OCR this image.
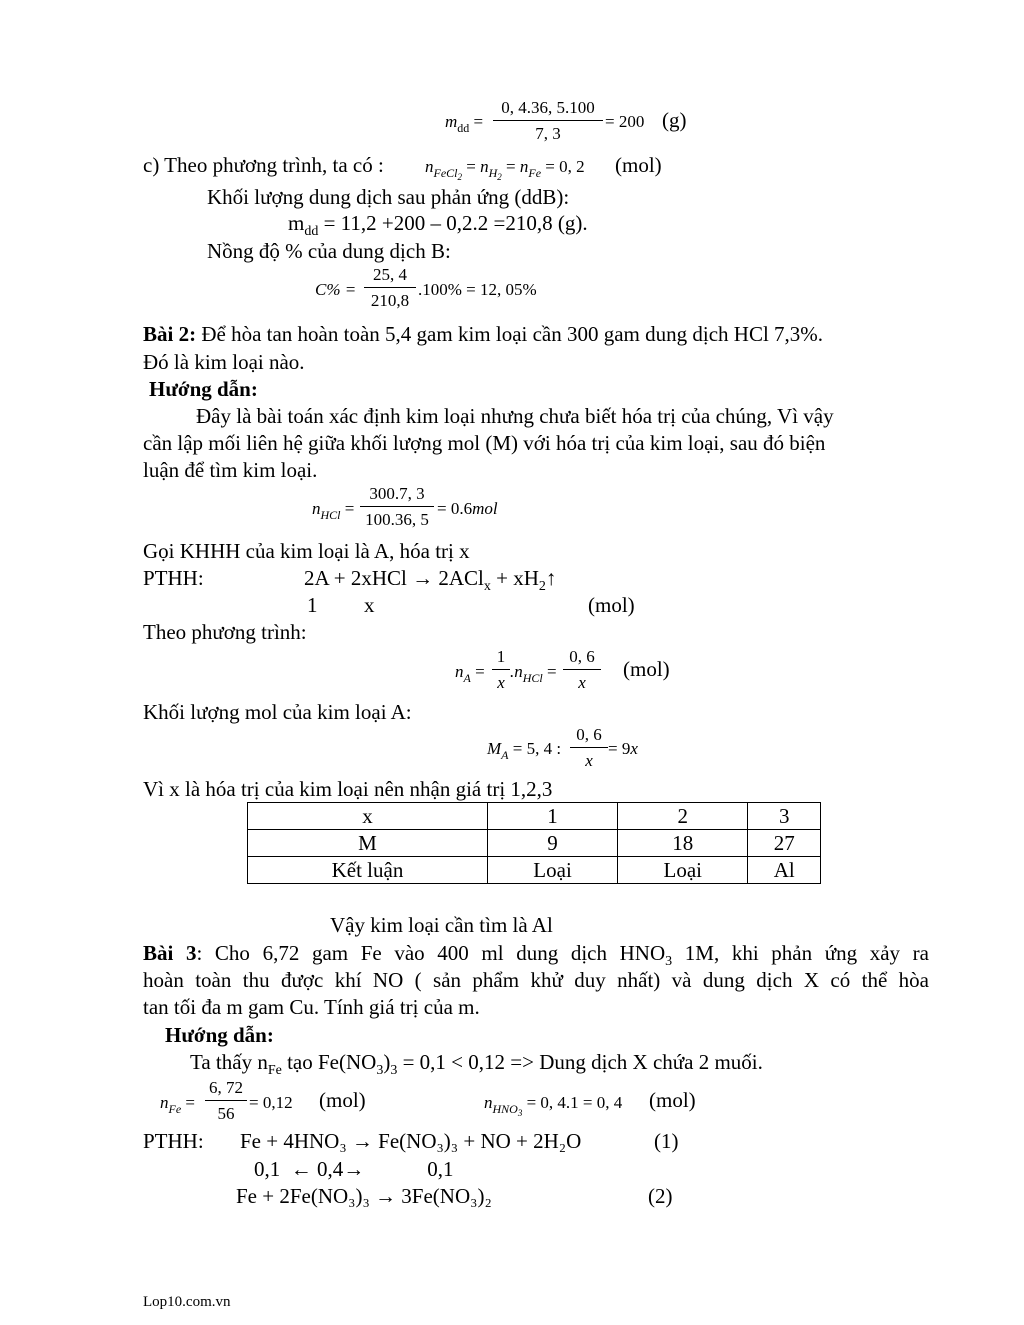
$m_{dd} = \frac{0, 4.36, 5.100}{7, 3} = 200$ (g)
c) Theo phương trình, ta có : $n_{FeCl_2} = n_{H_2} = n_{Fe} = 0$, 2 (mol)
Khối lượng dung dịch sau phản ứng (ddB):
$m_{dd} = 11,2 +200 - 0,2.2 =210,8$ (g).
Nồng độ % của dung dịch B:
$C\% = \frac{25, 4}{210,8} .100\% = 12$, 05%
Bài 2: Để hòa tan hoàn toàn 5,4 gam kim loại cần 300 gam dung dịch HCl 7,3%.
Đó là kim loại nào.
Hướng dẫn:
Đây là bài toán xác định kim loại nhưng chưa biết hóa trị của chúng, Vì vậy
cần lập mối liên hệ giữa khối lượng mol (M) với hóa trị của kim loại, sau đó biện
luận để tìm kim loại.
$n_{HCl} = \frac{300.7, 3}{100.36, 5} = 0.6mol$
Gọi KHHH của kim loại là A, hóa trị x
PTHH:	2A + 2xHCl → $2ACl_x + xH_2↑$
1 x	(mol)
Theo phương trình:
$n_A = \frac{1}{x} .n_{HCl} = \frac{0, 6}{x} (mol)$
Khối lượng mol của kim loại A:
$M_A = 5$, 4 : $\frac{0, 6}{x} = 9x$
Vì x là hóa trị của kim loại nên nhận giá trị 1,2,3
x	1	2	3
M	9	18	27
Kết luận	Loại	Loại	Al
Vậy kim loại cần tìm là Al
Bài 3: Cho 6,72 gam Fe vào 400 ml dung dịch $HNO_3$ 1M, khi phản ứng xảy ra
hoàn toàn thu được khí NO ( sản phẩm khử duy nhất) và dung dịch X có thể hòa
tan tối đa m gam Cu. Tính giá trị của m.
Hướng dẫn:
Ta thấy $n_{Fe}$ tạo $Fe(NO_3)_3 = 0,1 < 0,12$ => Dung dịch X chứa 2 muối.
$n_{Fe} = \frac{6, 72}{56} = 0,12$ (mol)	$n_{HNO_3} = 0$, 4.1 = 0, 4 (mol)
PTHH: Fe + 4HNO₃ → Fe(NO₃)₃ + NO + 2H₂O	(1)
0,1  ← 0,4→            0,1
Fe + 2Fe(NO₃)₃ → 3Fe(NO₃)₂	(2)
Lop10.com.vn
